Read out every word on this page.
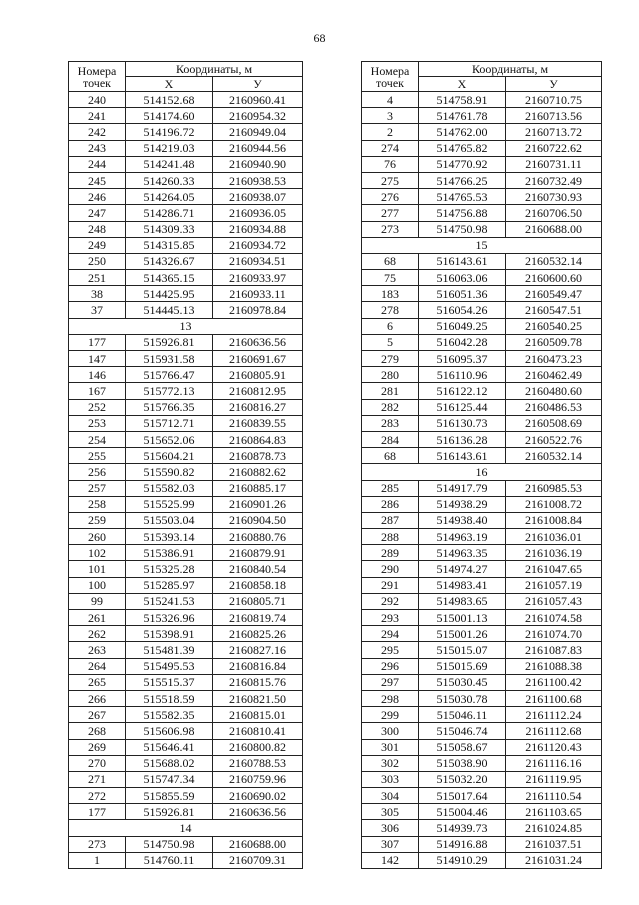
68
Номера
точек	Координаты, м	
	X	У
240	514152.68	2160960.41
241	514174.60	2160954.32
242	514196.72	2160949.04
243	514219.03	2160944.56
244	514241.48	2160940.90
245	514260.33	2160938.53
246	514264.05	2160938.07
247	514286.71	2160936.05
248	514309.33	2160934.88
249	514315.85	2160934.72
250	514326.67	2160934.51
251	514365.15	2160933.97
38	514425.95	2160933.11
37	514445.13	2160978.84
13		
177	515926.81	2160636.56
147	515931.58	2160691.67
146	515766.47	2160805.91
167	515772.13	2160812.95
252	515766.35	2160816.27
253	515712.71	2160839.55
254	515652.06	2160864.83
255	515604.21	2160878.73
256	515590.82	2160882.62
257	515582.03	2160885.17
258	515525.99	2160901.26
259	515503.04	2160904.50
260	515393.14	2160880.76
102	515386.91	2160879.91
101	515325.28	2160840.54
100	515285.97	2160858.18
99	515241.53	2160805.71
261	515326.96	2160819.74
262	515398.91	2160825.26
263	515481.39	2160827.16
264	515495.53	2160816.84
265	515515.37	2160815.76
266	515518.59	2160821.50
267	515582.35	2160815.01
268	515606.98	2160810.41
269	515646.41	2160800.82
270	515688.02	2160788.53
271	515747.34	2160759.96
272	515855.59	2160690.02
177	515926.81	2160636.56
14		
273	514750.98	2160688.00
1	514760.11	2160709.31
Номера
точек	Координаты, м	
	X	У
4	514758.91	2160710.75
3	514761.78	2160713.56
2	514762.00	2160713.72
274	514765.82	2160722.62
76	514770.92	2160731.11
275	514766.25	2160732.49
276	514765.53	2160730.93
277	514756.88	2160706.50
273	514750.98	2160688.00
15		
68	516143.61	2160532.14
75	516063.06	2160600.60
183	516051.36	2160549.47
278	516054.26	2160547.51
6	516049.25	2160540.25
5	516042.28	2160509.78
279	516095.37	2160473.23
280	516110.96	2160462.49
281	516122.12	2160480.60
282	516125.44	2160486.53
283	516130.73	2160508.69
284	516136.28	2160522.76
68	516143.61	2160532.14
16		
285	514917.79	2160985.53
286	514938.29	2161008.72
287	514938.40	2161008.84
288	514963.19	2161036.01
289	514963.35	2161036.19
290	514974.27	2161047.65
291	514983.41	2161057.19
292	514983.65	2161057.43
293	515001.13	2161074.58
294	515001.26	2161074.70
295	515015.07	2161087.83
296	515015.69	2161088.38
297	515030.45	2161100.42
298	515030.78	2161100.68
299	515046.11	2161112.24
300	515046.74	2161112.68
301	515058.67	2161120.43
302	515038.90	2161116.16
303	515032.20	2161119.95
304	515017.64	2161110.54
305	515004.46	2161103.65
306	514939.73	2161024.85
307	514916.88	2161037.51
142	514910.29	2161031.24
